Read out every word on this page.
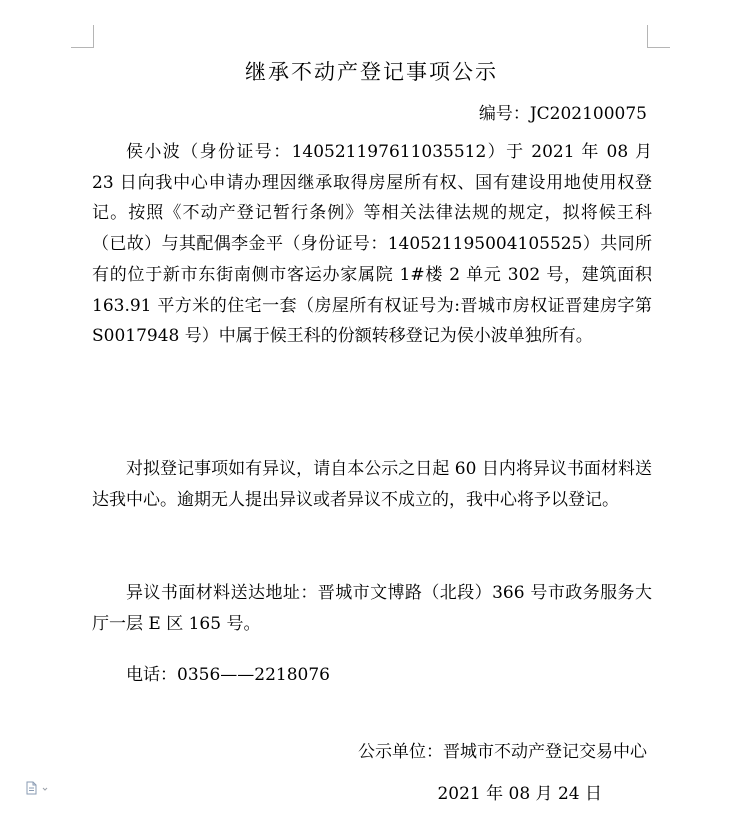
继承不动产登记事项公示
编号：JC202100075

侯小波（身份证号：140521197611035512）于 2021 年 08 月 23 日向我中心申请办理因继承取得房屋所有权、国有建设用地使用权登记。按照《不动产登记暂行条例》等相关法律法规的规定，拟将候王科（已故）与其配偶李金平（身份证号：140521195004105525）共同所有的位于新市东街南侧市客运办家属院 1#楼 2 单元 302 号，建筑面积 163.91 平方米的住宅一套（房屋所有权证号为:晋城市房权证晋建房字第 S0017948 号）中属于候王科的份额转移登记为侯小波单独所有。

对拟登记事项如有异议，请自本公示之日起 60 日内将异议书面材料送达我中心。逾期无人提出异议或者异议不成立的，我中心将予以登记。

异议书面材料送达地址：晋城市文博路（北段）366 号市政务服务大厅一层 E 区 165 号。

电话：0356——2218076

公示单位：晋城市不动产登记交易中心
2021 年 08 月 24 日
